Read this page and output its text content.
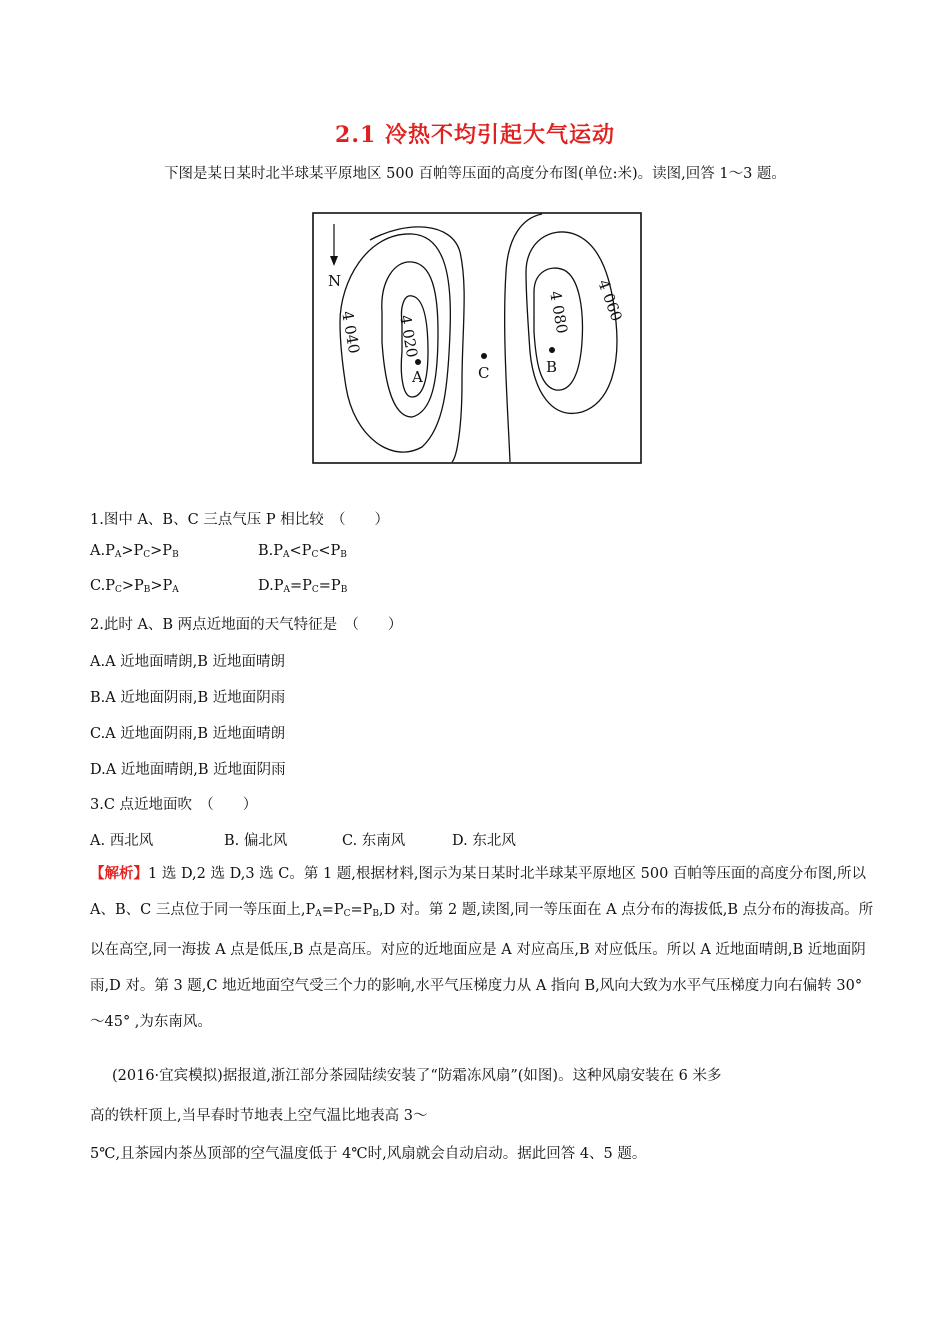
2.1 冷热不均引起大气运动
下图是某日某时北半球某平原地区 500 百帕等压面的高度分布图(单位:米)。读图,回答 1～3 题。
N
4 040 4 020
4 080 4 060
A	C	B
1.图中 A、B、C 三点气压 P 相比较　（　　）
$A.P_A>P_C>P_B$	$B.P_A<P_C<P_B$
$C.P_C>P_B>P_A$	$D.P_A=P_C=P_B$
2.此时 A、B 两点近地面的天气特征是　（　　）
A.A 近地面晴朗,B 近地面晴朗
B.A 近地面阴雨,B 近地面阴雨
C.A 近地面阴雨,B 近地面晴朗
D.A 近地面晴朗,B 近地面阴雨
3.C 点近地面吹　（　　）
A. 西北风	B. 偏北风	C. 东南风	D. 东北风
【解析】1 选 D,2 选 D,3 选 C。第 1 题,根据材料,图示为某日某时北半球某平原地区 500 百帕等压面的高度分布图,所以 A、B、C 三点位于同一等压面上$,P_A=P_C=P_B,D$ 对。第 2 题,读图,同一等压面在 A 点分布的海拔低,B 点分布的海拔高。所以在高空,同一海拔 A 点是低压,B 点是高压。对应的近地面应是 A 对应高压,B 对应低压。所以 A 近地面晴朗,B 近地面阴雨,D 对。第 3 题,C 地近地面空气受三个力的影响,水平气压梯度力从 A 指向 B,风向大致为水平气压梯度力向右偏转 30° ～45° ,为东南风。
(2016·宜宾模拟)据报道,浙江部分茶园陆续安装了“防霜冻风扇”(如图)。这种风扇安装在 6 米多
高的铁杆顶上,当早春时节地表上空气温比地表高 3～
5℃,且茶园内茶丛顶部的空气温度低于 4℃时,风扇就会自动启动。据此回答 4、5 题。
